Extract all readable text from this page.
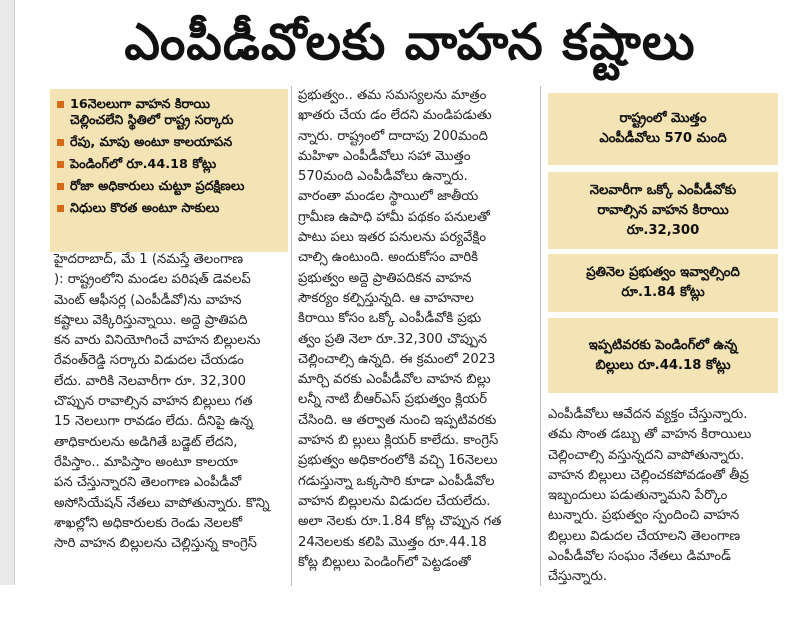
ఎంపీడీవోలకు వాహన కష్టాలు
16నెలలుగా వాహన కిరాయి
చెల్లించలేని స్థితిలో రాష్ట్ర సర్కారు
రేపు, మాపు అంటూ కాలయాపన
పెండింగ్‌లో రూ.44.18 కోట్లు
రోజా అధికారులు చుట్టూ ప్రదక్షిణలు
నిధులు కొరత అంటూ సాకులు

హైదరాబాద్, మే 1 (నమస్తే తెలంగాణ

): రాష్ట్రంలోని మండల పరిషత్ డెవలప్

మెంట్ ఆఫీసర్ల (ఎంపీడీవో)ను వాహన

కష్టాలు వెక్కిరిస్తున్నాయి. అద్దె ప్రాతిపది

కన వారు వినియోగించే వాహన బిల్లులను

రేవంత్‌రెడ్డి సర్కారు విడుదల చేయడం

లేదు. వారికి నెలవారీగా రూ. 32,300

చొప్పున రావాల్సిన వాహన బిల్లులు గత

15 నెలలుగా రావడం లేదు. దీనిపై ఉన్న

తాధికారులను అడిగితే బడ్జెట్ లేదని,

రేపిస్తాం.. మాపిస్తాం అంటూ కాలయా

పన చేస్తున్నారని తెలంగాణ ఎంపీడీవో

అసోసియేషన్ నేతలు వాపోతున్నారు. కొన్ని

శాఖల్లోని అధికారులకు రెండు నెలలకో

సారి వాహన బిల్లులను చెల్లిస్తున్న కాంగ్రెస్

ప్రభుత్వం.. తమ సమస్యలను మాత్రం

ఖాతరు చేయ డం లేదని మండిపడుతు

న్నారు. రాష్ట్రంలో దాదాపు 200మంది

మహిళా ఎంపీడీవోలు సహా మొత్తం

570మంది ఎంపీడీవోలు ఉన్నారు.

వారంతా మండల స్థాయిలో జాతీయ

గ్రామీణ ఉపాధి హామీ పథకం పనులతో

పాటు పలు ఇతర పనులను పర్యవేక్షిం

చాల్సి ఉంటుంది. అందుకోసం వారికి

ప్రభుత్వం అద్దె ప్రాతిపదికన వాహన

సౌకర్యం కల్పిస్తున్నది. ఆ వాహనాల

కిరాయి కోసం ఒక్కో ఎంపీడీవోకి ప్రభు

త్వం ప్రతి నెలా రూ.32,300 చొప్పున

చెల్లించాల్సి ఉన్నది. ఈ క్రమంలో 2023

మార్చి వరకు ఎంపీడీవోల వాహన బిల్లు

లన్నీ నాటి బీఆర్‌ఎస్ ప్రభుత్వం క్లియర్

చేసింది. ఆ తర్వాత నుంచి ఇప్పటివరకు

వాహన బి ల్లులు క్లియర్ కాలేదు. కాంగ్రెస్

ప్రభుత్వం అధికారంలోకి వచ్చి 16నెలలు

గడుస్తున్నా ఒక్కసారి కూడా ఎంపీడీవోల

వాహన బిల్లులను విడుదల చేయలేదు.

అలా నెలకు రూ.1.84 కోట్ల చొప్పున గత

24నెలలకు కలిపి మొత్తం రూ.44.18

కోట్ల బిల్లులు పెండింగ్‌లో పెట్టడంతో

ఎంపీడీవోలు ఆవేదన వ్యక్తం చేస్తున్నారు.

తమ సొంత డబ్బు తో వాహన కిరాయిలు

చెల్లించాల్సి వస్తున్నదని వాపోతున్నారు.

వాహన బిల్లులు చెల్లించకపోవడంతో తీవ్ర

ఇబ్బందులు పడుతున్నామని పేర్కొం

టున్నారు. ప్రభుత్వం స్పందించి వాహన

బిల్లులు విడుదల చేయాలని తెలంగాణ

ఎంపీడీవోల సంఘం నేతలు డిమాండ్

చేస్తున్నారు.

రాష్ట్రంలో మొత్తం
ఎంపీడీవోలు 570 మంది
నెలవారీగా ఒక్కో ఎంపీడీవోకు
రావాల్సిన వాహన కిరాయి
రూ.32,300
ప్రతినెల ప్రభుత్వం ఇవ్వాల్సింది
రూ.1.84 కోట్లు
ఇప్పటివరకు పెండింగ్‌లో ఉన్న
బిల్లులు రూ.44.18 కోట్లు
